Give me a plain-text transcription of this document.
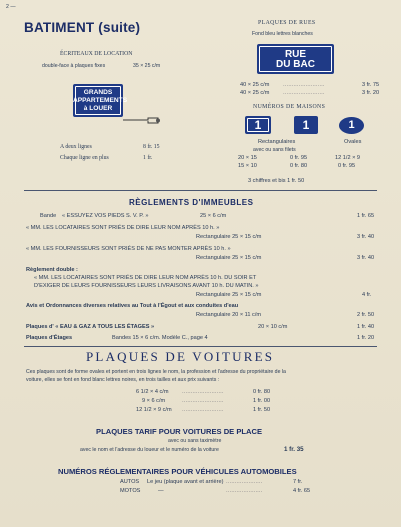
2 —
BATIMENT (suite)
ÉCRITEAUX DE LOCATION
double-face à plaques fixes	35 × 25 c/m
GRANDS
APPARTEMENTS
à LOUER
A deux lignes	8 fr. 15
Chaque ligne en plus	1 fr.
PLAQUES DE RUES
Fond bleu lettres blanches
RUE
DU BAC
40 × 25 c/m	……………………	3 fr. 75
40 × 25 c/m	……………………	3 fr. 20
NUMÉROS DE MAISONS
1	1	1
Rectangulaires	Ovales
avec ou sans filets
20 × 15	0 fr. 95	12 1/2 × 9
15 × 10	0 fr. 80	0 fr. 95
3 chiffres et bis 1 fr. 50
RÈGLEMENTS D'IMMEUBLES
Bande « ESSUYEZ VOS PIEDS S. V. P. »	25 × 6 c/m	1 fr. 65
« MM. LES LOCATAIRES SONT PRIÉS DE DIRE LEUR NOM APRÈS 10 h. »
Rectangulaire 25 × 15 c/m	3 fr. 40
« MM. LES FOURNISSEURS SONT PRIÉS DE NE PAS MONTER APRÈS 10 h. »
Rectangulaire 25 × 15 c/m	3 fr. 40
Règlement double :
« MM. LES LOCATAIRES SONT PRIÉS DE DIRE LEUR NOM APRÈS 10 h. DU SOIR ET
D'EXIGER DE LEURS FOURNISSEURS LEURS LIVRAISONS AVANT 10 h. DU MATIN. »
Rectangulaire 25 × 15 c/m	4 fr.
Avis et Ordonnances diverses relatives au Tout à l'Égout et aux conduites d'eau
Rectangulaire 20 × 11 c/m	2 fr. 50
Plaques d' « EAU & GAZ A TOUS LES ÉTAGES »	20 × 10 c/m	1 fr. 40
Plaques d'Étages	Bandes 15 × 6 c/m. Modèle C., page 4	1 fr. 20
PLAQUES DE VOITURES
Ces plaques sont de forme ovales et portent en trois lignes le nom, la profession et l'adresse du propriétaire de la
voiture, elles se font en fond blanc lettres noires, en trois tailles et aux prix suivants :
6 1/2 × 4 c/m	……………………	0 fr. 80
9 × 6 c/m	……………………	1 fr. 00
12 1/2 × 9 c/m ……………………	1 fr. 50
PLAQUES TARIF POUR VOITURES DE PLACE
avec ou sans taximètre
avec le nom et l'adresse du loueur et le numéro de la voiture	1 fr. 35
NUMÉROS RÉGLEMENTAIRES POUR VÉHICULES AUTOMOBILES
AUTOS Le jeu (plaque avant et arrière) …………………	7 fr.
MOTOS	—	…………………	4 fr. 65
